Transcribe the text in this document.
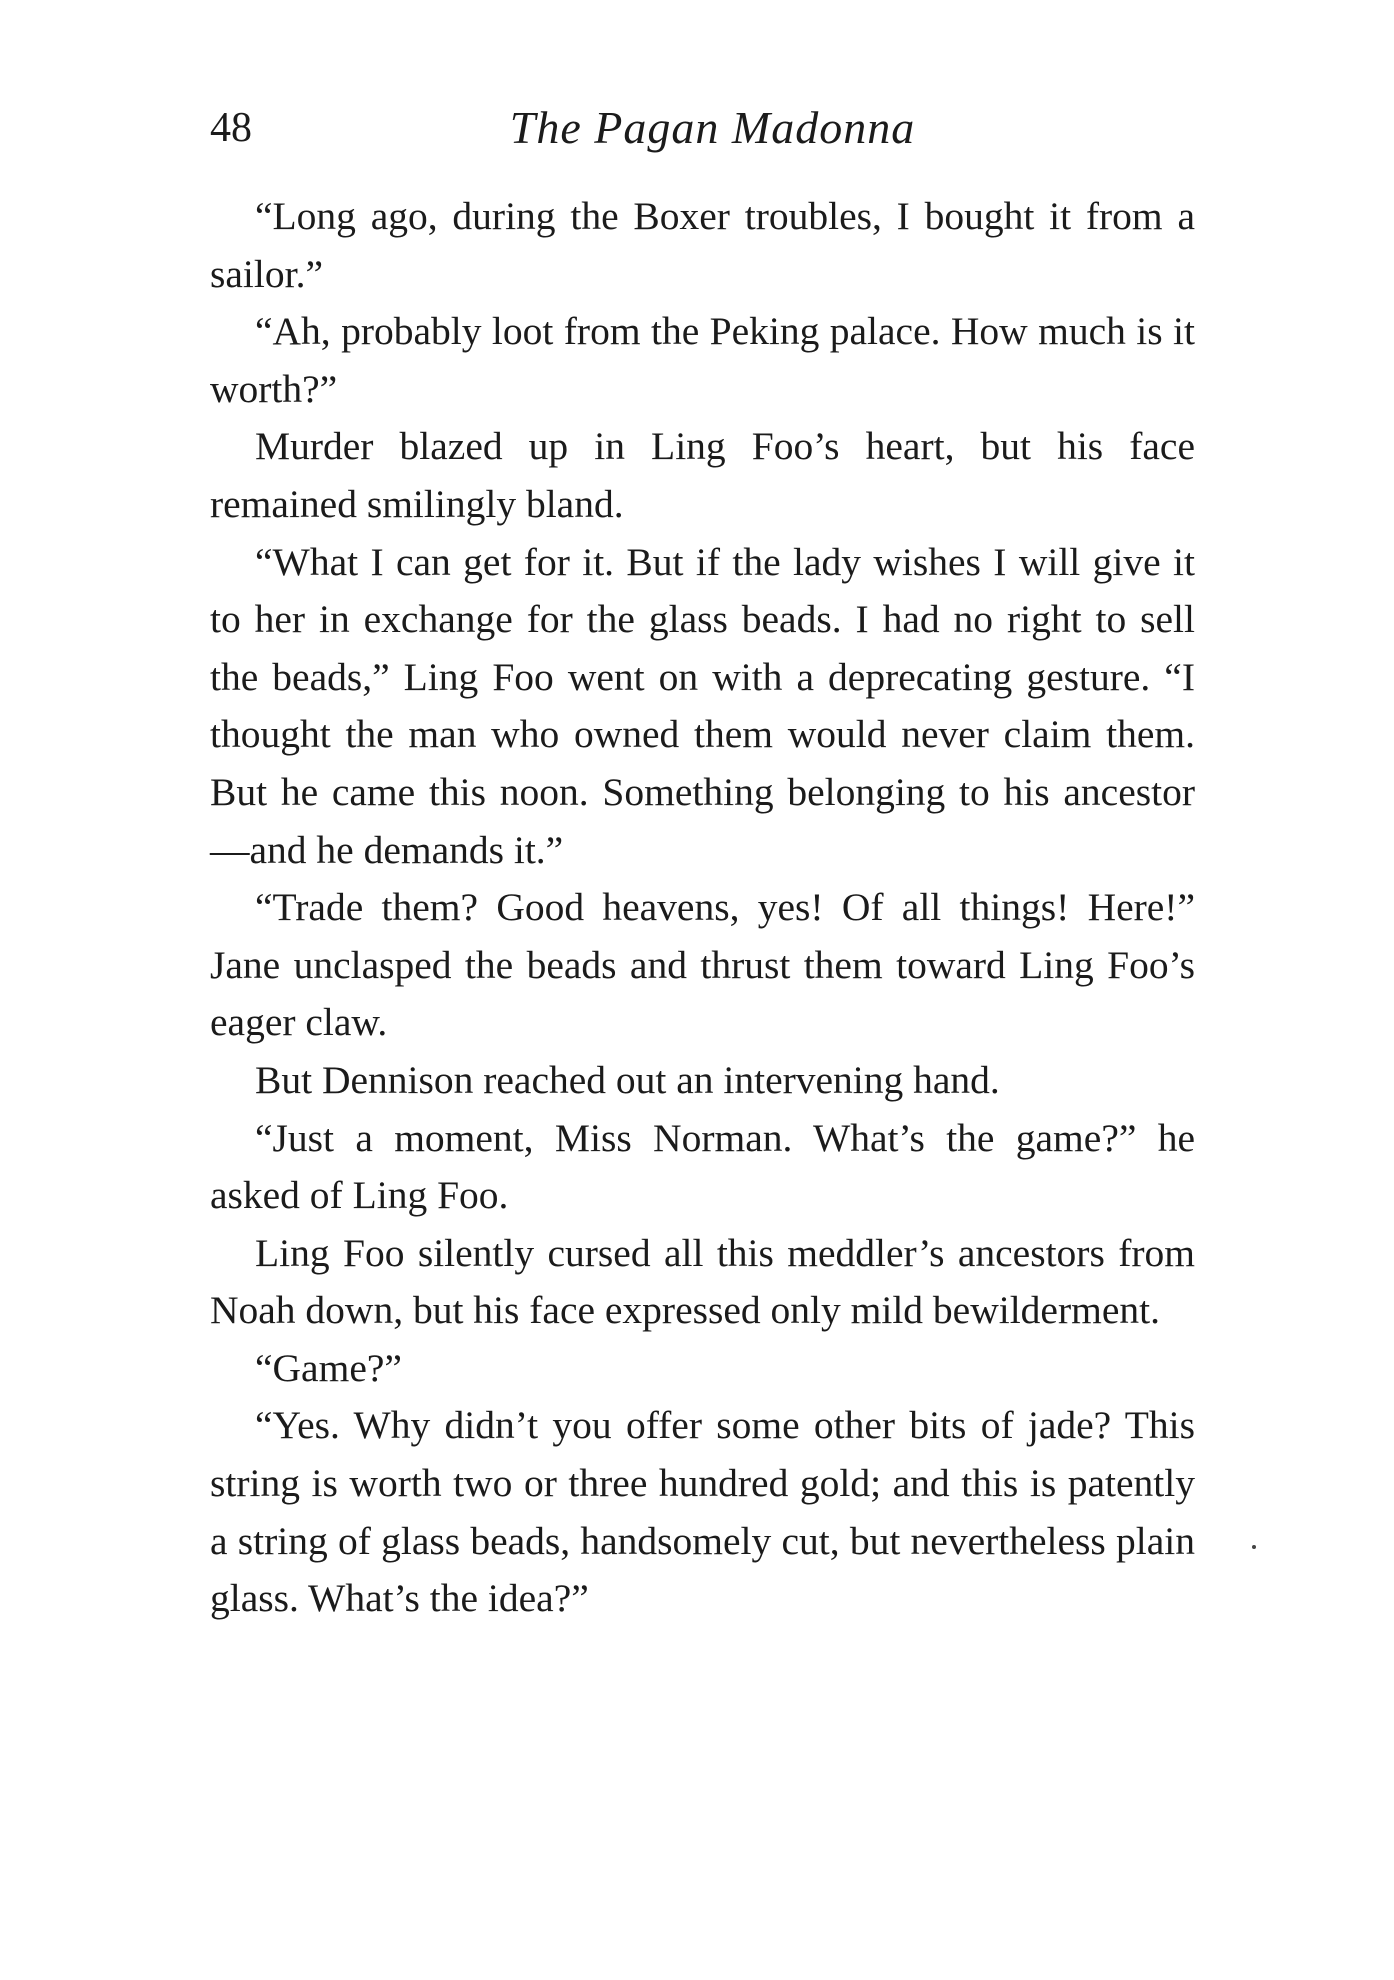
48	The Pagan Madonna

“Long ago, during the Boxer troubles, I bought it from a sailor.”

“Ah, probably loot from the Peking palace. How much is it worth?”

Murder blazed up in Ling Foo’s heart, but his face remained smilingly bland.

“What I can get for it. But if the lady wishes I will give it to her in exchange for the glass beads. I had no right to sell the beads,” Ling Foo went on with a deprecating gesture. “I thought the man who owned them would never claim them. But he came this noon. Something belonging to his ancestor—and he demands it.”

“Trade them? Good heavens, yes! Of all things! Here!” Jane unclasped the beads and thrust them toward Ling Foo’s eager claw.

But Dennison reached out an intervening hand.

“Just a moment, Miss Norman. What’s the game?” he asked of Ling Foo.

Ling Foo silently cursed all this meddler’s ancestors from Noah down, but his face expressed only mild bewilderment.

“Game?”

“Yes. Why didn’t you offer some other bits of jade? This string is worth two or three hundred gold; and this is patently a string of glass beads, handsomely cut, but nevertheless plain glass. What’s the idea?”
